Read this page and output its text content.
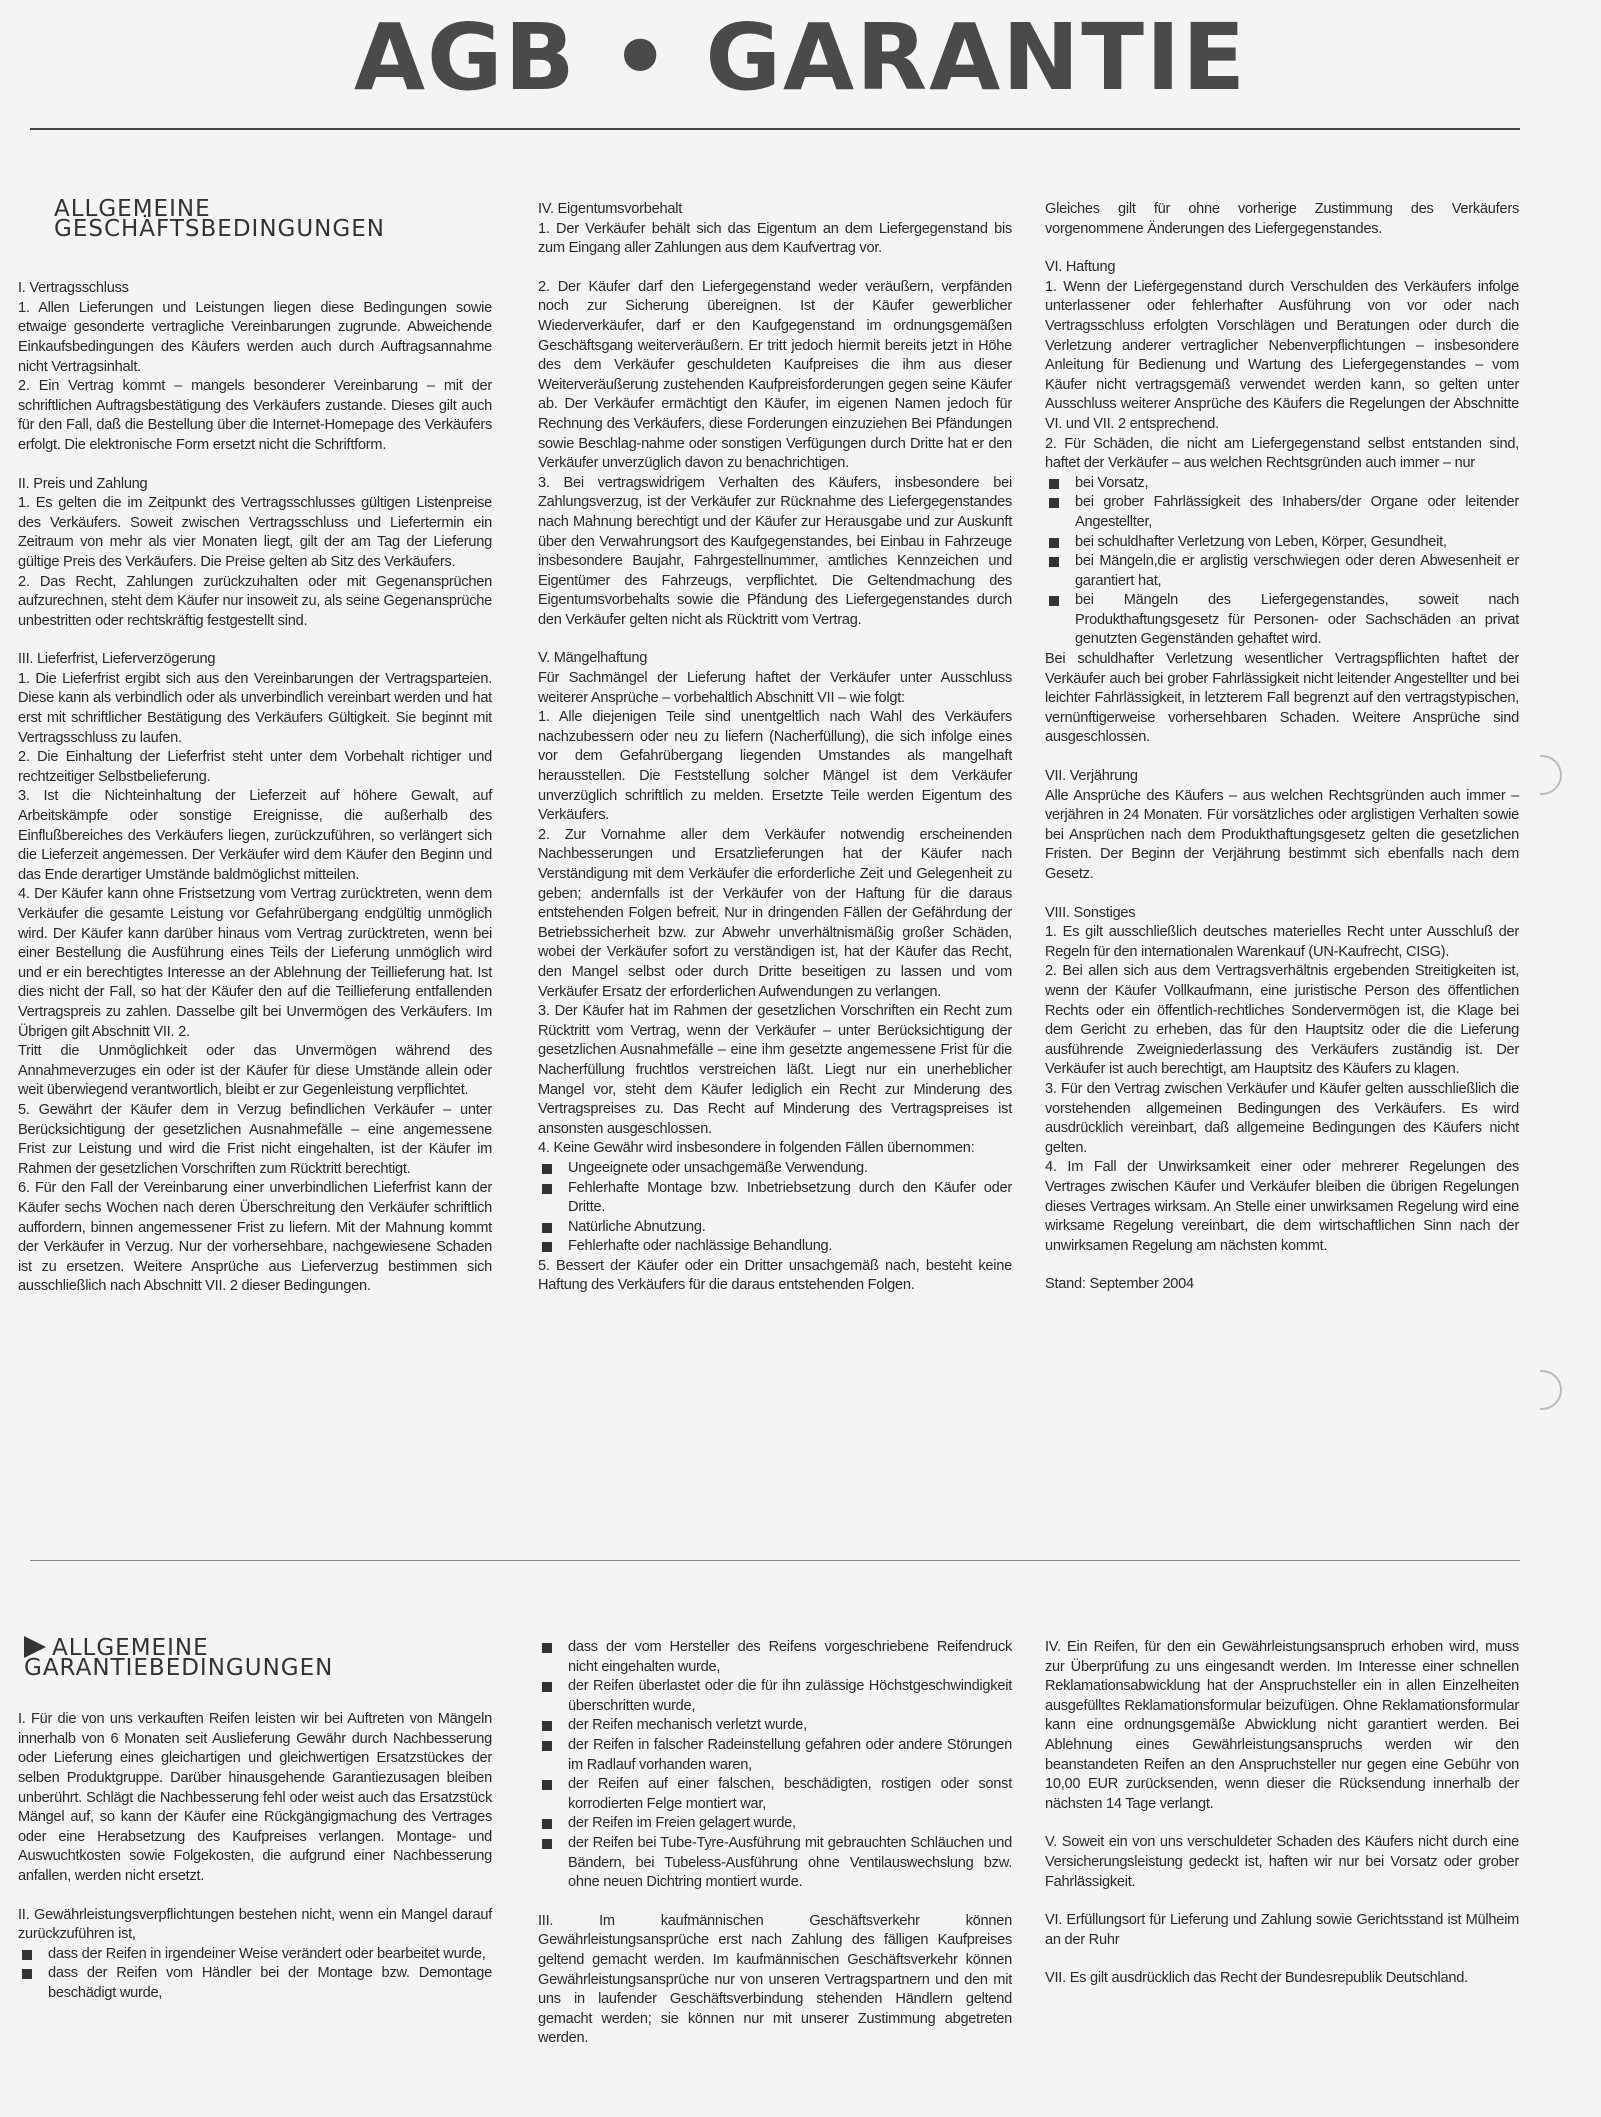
AGB • GARANTIE

ALLGEMEINE GESCHÄFTSBEDINGUNGEN

I. Vertragsschluss

1. Allen Lieferungen und Leistungen liegen diese Bedingungen sowie etwaige gesonderte vertragliche Vereinbarungen zugrunde. Abweichende Einkaufsbedingungen des Käufers werden auch durch Auftragsannahme nicht Vertragsinhalt.

2. Ein Vertrag kommt – mangels besonderer Vereinbarung – mit der schriftlichen Auftragsbestätigung des Verkäufers zustande. Dieses gilt auch für den Fall, daß die Bestellung über die Internet-Homepage des Verkäufers erfolgt. Die elektronische Form ersetzt nicht die Schriftform.

II. Preis und Zahlung

1. Es gelten die im Zeitpunkt des Vertragsschlusses gültigen Listenpreise des Verkäufers. Soweit zwischen Vertragsschluss und Liefertermin ein Zeitraum von mehr als vier Monaten liegt, gilt der am Tag der Lieferung gültige Preis des Verkäufers. Die Preise gelten ab Sitz des Verkäufers.

2. Das Recht, Zahlungen zurückzuhalten oder mit Gegenansprüchen aufzurechnen, steht dem Käufer nur insoweit zu, als seine Gegenansprüche unbestritten oder rechtskräftig festgestellt sind.

III. Lieferfrist, Lieferverzögerung

1. Die Lieferfrist ergibt sich aus den Vereinbarungen der Vertragsparteien. Diese kann als verbindlich oder als unverbindlich vereinbart werden und hat erst mit schriftlicher Bestätigung des Verkäufers Gültigkeit. Sie beginnt mit Vertragsschluss zu laufen.

2. Die Einhaltung der Lieferfrist steht unter dem Vorbehalt richtiger und rechtzeitiger Selbstbelieferung.

3. Ist die Nichteinhaltung der Lieferzeit auf höhere Gewalt, auf Arbeitskämpfe oder sonstige Ereignisse, die außerhalb des Einflußbereiches des Verkäufers liegen, zurückzuführen, so verlängert sich die Lieferzeit angemessen. Der Verkäufer wird dem Käufer den Beginn und das Ende derartiger Umstände baldmöglichst mitteilen.

4. Der Käufer kann ohne Fristsetzung vom Vertrag zurücktreten, wenn dem Verkäufer die gesamte Leistung vor Gefahrübergang endgültig unmöglich wird. Der Käufer kann darüber hinaus vom Vertrag zurücktreten, wenn bei einer Bestellung die Ausführung eines Teils der Lieferung unmöglich wird und er ein berechtigtes Interesse an der Ablehnung der Teillieferung hat. Ist dies nicht der Fall, so hat der Käufer den auf die Teillieferung entfallenden Vertragspreis zu zahlen. Dasselbe gilt bei Unvermögen des Verkäufers. Im Übrigen gilt Abschnitt VII. 2.

Tritt die Unmöglichkeit oder das Unvermögen während des Annahmeverzuges ein oder ist der Käufer für diese Umstände allein oder weit überwiegend verantwortlich, bleibt er zur Gegenleistung verpflichtet.

5. Gewährt der Käufer dem in Verzug befindlichen Verkäufer – unter Berücksichtigung der gesetzlichen Ausnahmefälle – eine angemessene Frist zur Leistung und wird die Frist nicht eingehalten, ist der Käufer im Rahmen der gesetzlichen Vorschriften zum Rücktritt berechtigt.

6. Für den Fall der Vereinbarung einer unverbindlichen Lieferfrist kann der Käufer sechs Wochen nach deren Überschreitung den Verkäufer schriftlich auffordern, binnen angemessener Frist zu liefern. Mit der Mahnung kommt der Verkäufer in Verzug. Nur der vorhersehbare, nachgewiesene Schaden ist zu ersetzen. Weitere Ansprüche aus Lieferverzug bestimmen sich ausschließlich nach Abschnitt VII. 2 dieser Bedingungen.

IV. Eigentumsvorbehalt

1. Der Verkäufer behält sich das Eigentum an dem Liefergegenstand bis zum Eingang aller Zahlungen aus dem Kaufvertrag vor.

2. Der Käufer darf den Liefergegenstand weder veräußern, verpfänden noch zur Sicherung übereignen. Ist der Käufer gewerblicher Wiederverkäufer, darf er den Kaufgegenstand im ordnungsgemäßen Geschäftsgang weiterveräußern. Er tritt jedoch hiermit bereits jetzt in Höhe des dem Verkäufer geschuldeten Kaufpreises die ihm aus dieser Weiterveräußerung zustehenden Kaufpreisforderungen gegen seine Käufer ab. Der Verkäufer ermächtigt den Käufer, im eigenen Namen jedoch für Rechnung des Verkäufers, diese Forderungen einzuziehen Bei Pfändungen sowie Beschlag-nahme oder sonstigen Verfügungen durch Dritte hat er den Verkäufer unverzüglich davon zu benachrichtigen.

3. Bei vertragswidrigem Verhalten des Käufers, insbesondere bei Zahlungsverzug, ist der Verkäufer zur Rücknahme des Liefergegenstandes nach Mahnung berechtigt und der Käufer zur Herausgabe und zur Auskunft über den Verwahrungsort des Kaufgegenstandes, bei Einbau in Fahrzeuge insbesondere Baujahr, Fahrgestellnummer, amtliches Kennzeichen und Eigentümer des Fahrzeugs, verpflichtet. Die Geltendmachung des Eigentumsvorbehalts sowie die Pfändung des Liefergegenstandes durch den Verkäufer gelten nicht als Rücktritt vom Vertrag.

V. Mängelhaftung

Für Sachmängel der Lieferung haftet der Verkäufer unter Ausschluss weiterer Ansprüche – vorbehaltlich Abschnitt VII – wie folgt:

1. Alle diejenigen Teile sind unentgeltlich nach Wahl des Verkäufers nachzubessern oder neu zu liefern (Nacherfüllung), die sich infolge eines vor dem Gefahrübergang liegenden Umstandes als mangelhaft herausstellen. Die Feststellung solcher Mängel ist dem Verkäufer unverzüglich schriftlich zu melden. Ersetzte Teile werden Eigentum des Verkäufers.

2. Zur Vornahme aller dem Verkäufer notwendig erscheinenden Nachbesserungen und Ersatzlieferungen hat der Käufer nach Verständigung mit dem Verkäufer die erforderliche Zeit und Gelegenheit zu geben; andernfalls ist der Verkäufer von der Haftung für die daraus entstehenden Folgen befreit. Nur in dringenden Fällen der Gefährdung der Betriebssicherheit bzw. zur Abwehr unverhältnismäßig großer Schäden, wobei der Verkäufer sofort zu verständigen ist, hat der Käufer das Recht, den Mangel selbst oder durch Dritte beseitigen zu lassen und vom Verkäufer Ersatz der erforderlichen Aufwendungen zu verlangen.

3. Der Käufer hat im Rahmen der gesetzlichen Vorschriften ein Recht zum Rücktritt vom Vertrag, wenn der Verkäufer – unter Berücksichtigung der gesetzlichen Ausnahmefälle – eine ihm gesetzte angemessene Frist für die Nacherfüllung fruchtlos verstreichen läßt. Liegt nur ein unerheblicher Mangel vor, steht dem Käufer lediglich ein Recht zur Minderung des Vertragspreises zu. Das Recht auf Minderung des Vertragspreises ist ansonsten ausgeschlossen.

4. Keine Gewähr wird insbesondere in folgenden Fällen übernommen:

Ungeeignete oder unsachgemäße Verwendung.
Fehlerhafte Montage bzw. Inbetriebsetzung durch den Käufer oder Dritte.
Natürliche Abnutzung.
Fehlerhafte oder nachlässige Behandlung.

5. Bessert der Käufer oder ein Dritter unsachgemäß nach, besteht keine Haftung des Verkäufers für die daraus entstehenden Folgen.

Gleiches gilt für ohne vorherige Zustimmung des Verkäufers vorgenommene Änderungen des Liefergegenstandes.

VI. Haftung

1. Wenn der Liefergegenstand durch Verschulden des Verkäufers infolge unterlassener oder fehlerhafter Ausführung von vor oder nach Vertragsschluss erfolgten Vorschlägen und Beratungen oder durch die Verletzung anderer vertraglicher Nebenverpflichtungen – insbesondere Anleitung für Bedienung und Wartung des Liefergegenstandes – vom Käufer nicht vertragsgemäß verwendet werden kann, so gelten unter Ausschluss weiterer Ansprüche des Käufers die Regelungen der Abschnitte VI. und VII. 2 entsprechend.

2. Für Schäden, die nicht am Liefergegenstand selbst entstanden sind, haftet der Verkäufer – aus welchen Rechtsgründen auch immer – nur

bei Vorsatz,
bei grober Fahrlässigkeit des Inhabers/der Organe oder leitender Angestellter,
bei schuldhafter Verletzung von Leben, Körper, Gesundheit,
bei Mängeln,die er arglistig verschwiegen oder deren Abwesenheit er garantiert hat,
bei Mängeln des Liefergegenstandes, soweit nach Produkthaftungsgesetz für Personen- oder Sachschäden an privat genutzten Gegenständen gehaftet wird.

Bei schuldhafter Verletzung wesentlicher Vertragspflichten haftet der Verkäufer auch bei grober Fahrlässigkeit nicht leitender Angestellter und bei leichter Fahrlässigkeit, in letzterem Fall begrenzt auf den vertragstypischen, vernünftigerweise vorhersehbaren Schaden. Weitere Ansprüche sind ausgeschlossen.

VII. Verjährung

Alle Ansprüche des Käufers – aus welchen Rechtsgründen auch immer – verjähren in 24 Monaten. Für vorsätzliches oder arglistigen Verhalten sowie bei Ansprüchen nach dem Produkthaftungsgesetz gelten die gesetzlichen Fristen. Der Beginn der Verjährung bestimmt sich ebenfalls nach dem Gesetz.

VIII. Sonstiges

1. Es gilt ausschließlich deutsches materielles Recht unter Ausschluß der Regeln für den internationalen Warenkauf (UN-Kaufrecht, CISG).

2. Bei allen sich aus dem Vertragsverhältnis ergebenden Streitigkeiten ist, wenn der Käufer Vollkaufmann, eine juristische Person des öffentlichen Rechts oder ein öffentlich-rechtliches Sondervermögen ist, die Klage bei dem Gericht zu erheben, das für den Hauptsitz oder die die Lieferung ausführende Zweigniederlassung des Verkäufers zuständig ist. Der Verkäufer ist auch berechtigt, am Hauptsitz des Käufers zu klagen.

3. Für den Vertrag zwischen Verkäufer und Käufer gelten ausschließlich die vorstehenden allgemeinen Bedingungen des Verkäufers. Es wird ausdrücklich vereinbart, daß allgemeine Bedingungen des Käufers nicht gelten.

4. Im Fall der Unwirksamkeit einer oder mehrerer Regelungen des Vertrages zwischen Käufer und Verkäufer bleiben die übrigen Regelungen dieses Vertrages wirksam. An Stelle einer unwirksamen Regelung wird eine wirksame Regelung vereinbart, die dem wirtschaftlichen Sinn nach der unwirksamen Regelung am nächsten kommt.

Stand: September 2004

ALLGEMEINE GARANTIEBEDINGUNGEN

I. Für die von uns verkauften Reifen leisten wir bei Auftreten von Mängeln innerhalb von 6 Monaten seit Auslieferung Gewähr durch Nachbesserung oder Lieferung eines gleichartigen und gleichwertigen Ersatzstückes der selben Produktgruppe. Darüber hinausgehende Garantiezusagen bleiben unberührt. Schlägt die Nachbesserung fehl oder weist auch das Ersatzstück Mängel auf, so kann der Käufer eine Rückgängigmachung des Vertrages oder eine Herabsetzung des Kaufpreises verlangen. Montage- und Auswuchtkosten sowie Folgekosten, die aufgrund einer Nachbesserung anfallen, werden nicht ersetzt.

II. Gewährleistungsverpflichtungen bestehen nicht, wenn ein Mangel darauf zurückzuführen ist,

dass der Reifen in irgendeiner Weise verändert oder bearbeitet wurde,
dass der Reifen vom Händler bei der Montage bzw. Demontage beschädigt wurde,
dass der vom Hersteller des Reifens vorgeschriebene Reifendruck nicht eingehalten wurde,
der Reifen überlastet oder die für ihn zulässige Höchstgeschwindigkeit überschritten wurde,
der Reifen mechanisch verletzt wurde,
der Reifen in falscher Radeinstellung gefahren oder andere Störungen im Radlauf vorhanden waren,
der Reifen auf einer falschen, beschädigten, rostigen oder sonst korrodierten Felge montiert war,
der Reifen im Freien gelagert wurde,
der Reifen bei Tube-Tyre-Ausführung mit gebrauchten Schläuchen und Bändern, bei Tubeless-Ausführung ohne Ventilauswechslung bzw. ohne neuen Dichtring montiert wurde.

III. Im kaufmännischen Geschäftsverkehr können Gewährleistungsansprüche erst nach Zahlung des fälligen Kaufpreises geltend gemacht werden. Im kaufmännischen Geschäftsverkehr können Gewährleistungsansprüche nur von unseren Vertragspartnern und den mit uns in laufender Geschäftsverbindung stehenden Händlern geltend gemacht werden; sie können nur mit unserer Zustimmung abgetreten werden.

IV. Ein Reifen, für den ein Gewährleistungsanspruch erhoben wird, muss zur Überprüfung zu uns eingesandt werden. Im Interesse einer schnellen Reklamationsabwicklung hat der Anspruchsteller ein in allen Einzelheiten ausgefülltes Reklamationsformular beizufügen. Ohne Reklamationsformular kann eine ordnungsgemäße Abwicklung nicht garantiert werden. Bei Ablehnung eines Gewährleistungsanspruchs werden wir den beanstandeten Reifen an den Anspruchsteller nur gegen eine Gebühr von 10,00 EUR zurücksenden, wenn dieser die Rücksendung innerhalb der nächsten 14 Tage verlangt.

V. Soweit ein von uns verschuldeter Schaden des Käufers nicht durch eine Versicherungsleistung gedeckt ist, haften wir nur bei Vorsatz oder grober Fahrlässigkeit.

VI. Erfüllungsort für Lieferung und Zahlung sowie Gerichtsstand ist Mülheim an der Ruhr

VII. Es gilt ausdrücklich das Recht der Bundesrepublik Deutschland.
